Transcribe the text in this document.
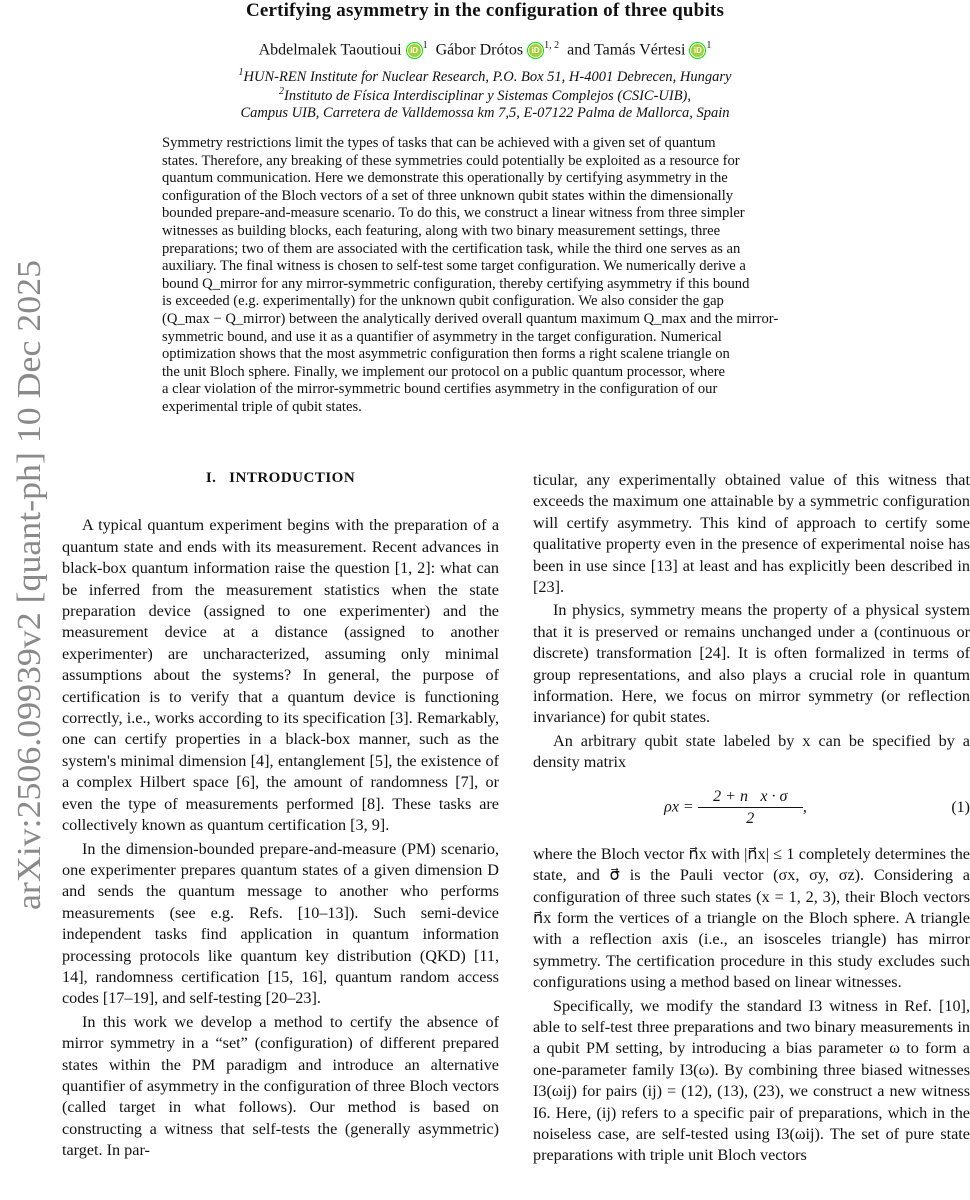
arXiv:2506.09939v2 [quant-ph] 10 Dec 2025
Certifying asymmetry in the configuration of three qubits
Abdelmalek Taoutioui iD $^1$ Gábor Drótos iD $^{1, 2}$ and Tamás Vértesi iD $^1$
$^1$HUN-REN Institute for Nuclear Research, P.O. Box 51, H-4001 Debrecen, Hungary
$^2$Instituto de Física Interdisciplinar y Sistemas Complejos (CSIC-UIB),
Campus UIB, Carretera de Valldemossa km 7,5, E-07122 Palma de Mallorca, Spain

Symmetry restrictions limit the types of tasks that can be achieved with a given set of quantum

states. Therefore, any breaking of these symmetries could potentially be exploited as a resource for

quantum communication. Here we demonstrate this operationally by certifying asymmetry in the

configuration of the Bloch vectors of a set of three unknown qubit states within the dimensionally

bounded prepare-and-measure scenario. To do this, we construct a linear witness from three simpler

witnesses as building blocks, each featuring, along with two binary measurement settings, three

preparations; two of them are associated with the certification task, while the third one serves as an

auxiliary. The final witness is chosen to self-test some target configuration. We numerically derive a

bound Q_mirror for any mirror-symmetric configuration, thereby certifying asymmetry if this bound

is exceeded (e.g. experimentally) for the unknown qubit configuration. We also consider the gap

(Q_max − Q_mirror) between the analytically derived overall quantum maximum Q_max and the mirror-

symmetric bound, and use it as a quantifier of asymmetry in the target configuration. Numerical

optimization shows that the most asymmetric configuration then forms a right scalene triangle on

the unit Bloch sphere. Finally, we implement our protocol on a public quantum processor, where

a clear violation of the mirror-symmetric bound certifies asymmetry in the configuration of our

experimental triple of qubit states.

I. INTRODUCTION

A typical quantum experiment begins with the preparation of a quantum state and ends with its measurement. Recent advances in black-box quantum information raise the question [1, 2]: what can be inferred from the measurement statistics when the state preparation device (assigned to one experimenter) and the measurement device at a distance (assigned to another experimenter) are uncharacterized, assuming only minimal assumptions about the systems? In general, the purpose of certification is to verify that a quantum device is functioning correctly, i.e., works according to its specification [3]. Remarkably, one can certify properties in a black-box manner, such as the system's minimal dimension [4], entanglement [5], the existence of a complex Hilbert space [6], the amount of randomness [7], or even the type of measurements performed [8]. These tasks are collectively known as quantum certification [3, 9].

In the dimension-bounded prepare-and-measure (PM) scenario, one experimenter prepares quantum states of a given dimension D and sends the quantum message to another who performs measurements (see e.g. Refs. [10–13]). Such semi-device independent tasks find application in quantum information processing protocols like quantum key distribution (QKD) [11, 14], randomness certification [15, 16], quantum random access codes [17–19], and self-testing [20–23].

In this work we develop a method to certify the absence of mirror symmetry in a “set” (configuration) of different prepared states within the PM paradigm and introduce an alternative quantifier of asymmetry in the configuration of three Bloch vectors (called target in what follows). Our method is based on constructing a witness that self-tests the (generally asymmetric) target. In par-

ticular, any experimentally obtained value of this witness that exceeds the maximum one attainable by a symmetric configuration will certify asymmetry. This kind of approach to certify some qualitative property even in the presence of experimental noise has been in use since [13] at least and has explicitly been described in [23].

In physics, symmetry means the property of a physical system that it is preserved or remains unchanged under a (continuous or discrete) transformation [24]. It is often formalized in terms of group representations, and also plays a crucial role in quantum information. Here, we focus on mirror symmetry (or reflection invariance) for qubit states.

An arbitrary qubit state labeled by x can be specified by a density matrix

$\rho x = \frac{𝟙2 + n⃗x \cdot \sigma⃗}{2}$ ,	(1)

where the Bloch vector n⃗x with |n⃗x| ≤ 1 completely determines the state, and σ⃗ is the Pauli vector (σx, σy, σz). Considering a configuration of three such states (x = 1, 2, 3), their Bloch vectors n⃗x form the vertices of a triangle on the Bloch sphere. A triangle with a reflection axis (i.e., an isosceles triangle) has mirror symmetry. The certification procedure in this study excludes such configurations using a method based on linear witnesses.

Specifically, we modify the standard I3 witness in Ref. [10], able to self-test three preparations and two binary measurements in a qubit PM setting, by introducing a bias parameter ω to form a one-parameter family I3(ω). By combining three biased witnesses I3(ωij) for pairs (ij) = (12), (13), (23), we construct a new witness I6. Here, (ij) refers to a specific pair of preparations, which in the noiseless case, are self-tested using I3(ωij). The set of pure state preparations with triple unit Bloch vectors
